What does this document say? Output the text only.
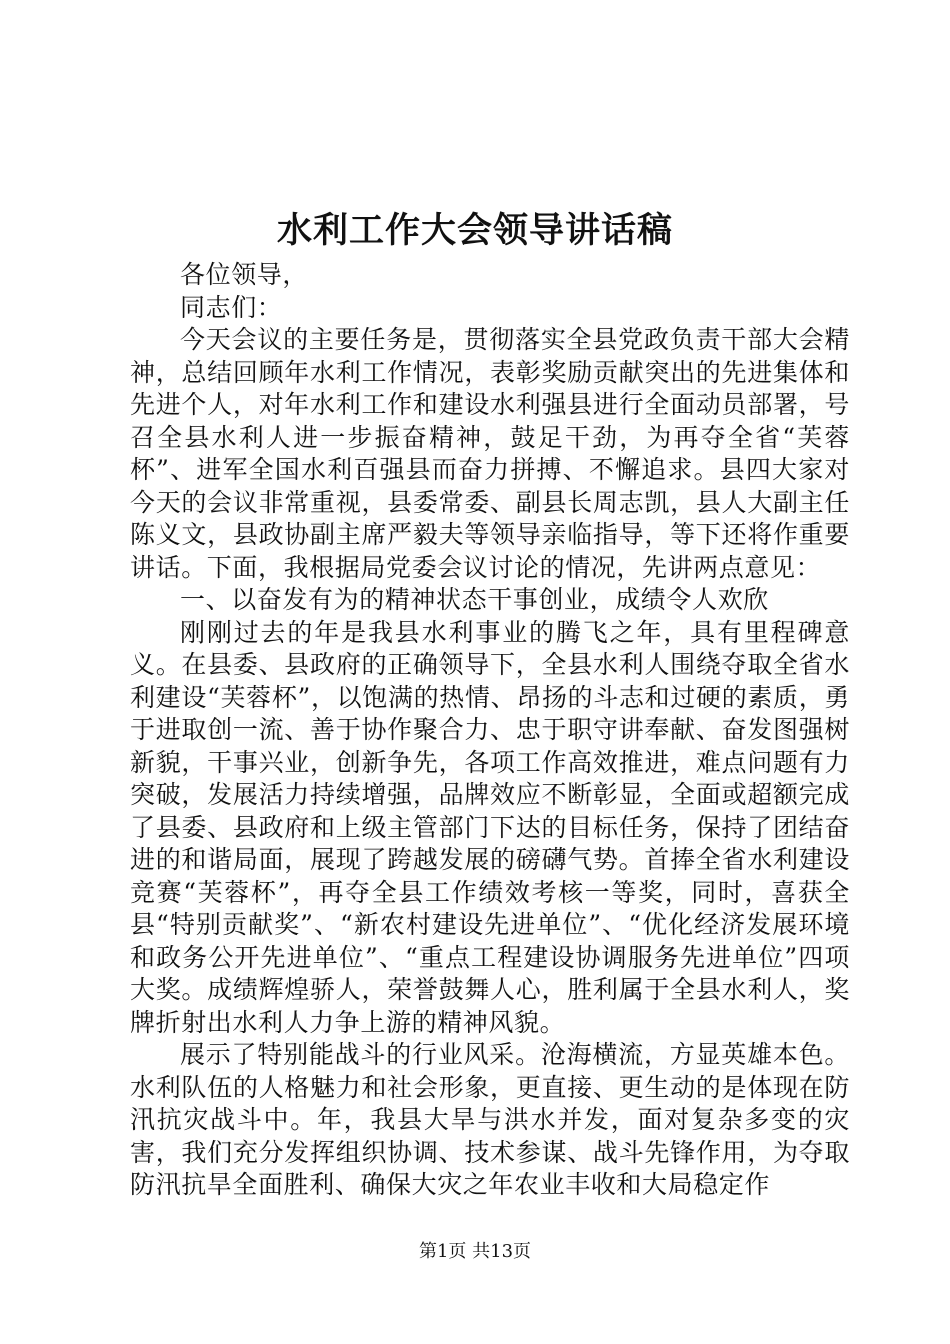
水利工作大会领导讲话稿

各位领导，

同志们：

今天会议的主要任务是，贯彻落实全县党政负责干部大会精神，总结回顾年水利工作情况，表彰奖励贡献突出的先进集体和先进个人，对年水利工作和建设水利强县进行全面动员部署，号召全县水利人进一步振奋精神，鼓足干劲，为再夺全省“芙蓉杯”、进军全国水利百强县而奋力拼搏、不懈追求。县四大家对今天的会议非常重视，县委常委、副县长周志凯，县人大副主任陈义文，县政协副主席严毅夫等领导亲临指导，等下还将作重要讲话。下面，我根据局党委会议讨论的情况，先讲两点意见：

一、以奋发有为的精神状态干事创业，成绩令人欢欣

刚刚过去的年是我县水利事业的腾飞之年，具有里程碑意义。在县委、县政府的正确领导下，全县水利人围绕夺取全省水利建设“芙蓉杯”，以饱满的热情、昂扬的斗志和过硬的素质，勇于进取创一流、善于协作聚合力、忠于职守讲奉献、奋发图强树新貌，干事兴业，创新争先，各项工作高效推进，难点问题有力突破，发展活力持续增强，品牌效应不断彰显，全面或超额完成了县委、县政府和上级主管部门下达的目标任务，保持了团结奋进的和谐局面，展现了跨越发展的磅礴气势。首捧全省水利建设竞赛“芙蓉杯”，再夺全县工作绩效考核一等奖，同时，喜获全县“特别贡献奖”、“新农村建设先进单位”、“优化经济发展环境和政务公开先进单位”、“重点工程建设协调服务先进单位”四项大奖。成绩辉煌骄人，荣誉鼓舞人心，胜利属于全县水利人，奖牌折射出水利人力争上游的精神风貌。

展示了特别能战斗的行业风采。沧海横流，方显英雄本色。水利队伍的人格魅力和社会形象，更直接、更生动的是体现在防汛抗灾战斗中。年，我县大旱与洪水并发，面对复杂多变的灾害，我们充分发挥组织协调、技术参谋、战斗先锋作用，为夺取防汛抗旱全面胜利、确保大灾之年农业丰收和大局稳定作

第1页 共13页
